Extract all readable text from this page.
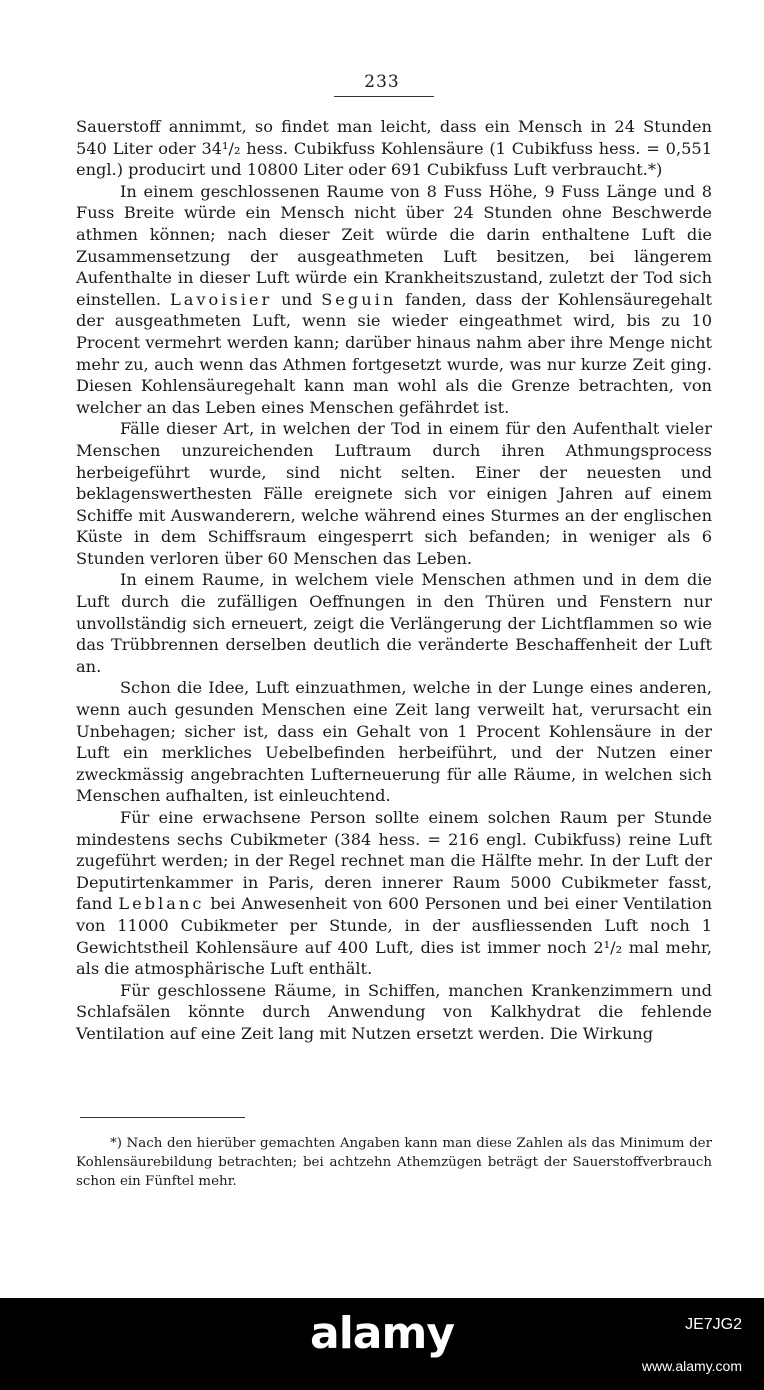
233

Sauerstoff annimmt, so findet man leicht, dass ein Mensch in 24 Stunden 540 Liter oder 34¹/₂ hess. Cubikfuss Kohlensäure (1 Cubikfuss hess. = 0,551 engl.) producirt und 10800 Liter oder 691 Cubikfuss Luft verbraucht.*)

In einem geschlossenen Raume von 8 Fuss Höhe, 9 Fuss Länge und 8 Fuss Breite würde ein Mensch nicht über 24 Stunden ohne Beschwerde athmen können; nach dieser Zeit würde die darin enthaltene Luft die Zusammensetzung der ausgeathmeten Luft besitzen, bei längerem Aufenthalte in dieser Luft würde ein Krankheitszustand, zuletzt der Tod sich einstellen. Lavoisier und Seguin fanden, dass der Kohlensäuregehalt der ausgeathmeten Luft, wenn sie wieder eingeathmet wird, bis zu 10 Procent vermehrt werden kann; darüber hinaus nahm aber ihre Menge nicht mehr zu, auch wenn das Athmen fortgesetzt wurde, was nur kurze Zeit ging. Diesen Kohlensäuregehalt kann man wohl als die Grenze betrachten, von welcher an das Leben eines Menschen gefährdet ist.

Fälle dieser Art, in welchen der Tod in einem für den Aufenthalt vieler Menschen unzureichenden Luftraum durch ihren Athmungsprocess herbeigeführt wurde, sind nicht selten. Einer der neuesten und beklagenswerthesten Fälle ereignete sich vor einigen Jahren auf einem Schiffe mit Auswanderern, welche während eines Sturmes an der englischen Küste in dem Schiffsraum eingesperrt sich befanden; in weniger als 6 Stunden verloren über 60 Menschen das Leben.

In einem Raume, in welchem viele Menschen athmen und in dem die Luft durch die zufälligen Oeffnungen in den Thüren und Fenstern nur unvollständig sich erneuert, zeigt die Verlängerung der Lichtflammen so wie das Trübbrennen derselben deutlich die veränderte Beschaffenheit der Luft an.

Schon die Idee, Luft einzuathmen, welche in der Lunge eines anderen, wenn auch gesunden Menschen eine Zeit lang verweilt hat, verursacht ein Unbehagen; sicher ist, dass ein Gehalt von 1 Procent Kohlensäure in der Luft ein merkliches Uebelbefinden herbeiführt, und der Nutzen einer zweckmässig angebrachten Lufterneuerung für alle Räume, in welchen sich Menschen aufhalten, ist einleuchtend.

Für eine erwachsene Person sollte einem solchen Raum per Stunde mindestens sechs Cubikmeter (384 hess. = 216 engl. Cubikfuss) reine Luft zugeführt werden; in der Regel rechnet man die Hälfte mehr. In der Luft der Deputirtenkammer in Paris, deren innerer Raum 5000 Cubikmeter fasst, fand Leblanc bei Anwesenheit von 600 Personen und bei einer Ventilation von 11000 Cubikmeter per Stunde, in der ausfliessenden Luft noch 1 Gewichtstheil Kohlensäure auf 400 Luft, dies ist immer noch 2¹/₂ mal mehr, als die atmosphärische Luft enthält.

Für geschlossene Räume, in Schiffen, manchen Krankenzimmern und Schlafsälen könnte durch Anwendung von Kalkhydrat die fehlende Ventilation auf eine Zeit lang mit Nutzen ersetzt werden. Die Wirkung

*) Nach den hierüber gemachten Angaben kann man diese Zahlen als das Minimum der Kohlensäurebildung betrachten; bei achtzehn Athemzügen beträgt der Sauerstoffverbrauch schon ein Fünftel mehr.

alamy	JE7JG2
www.alamy.com
